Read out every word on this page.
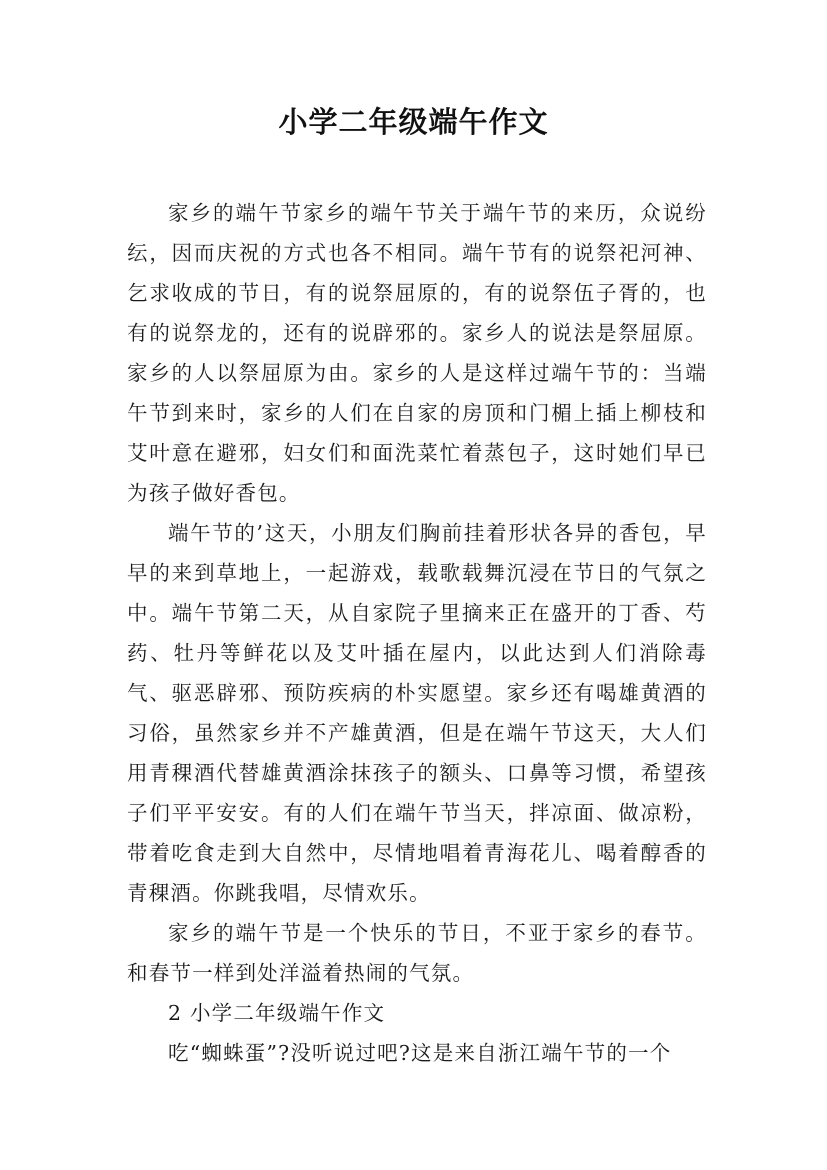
小学二年级端午作文

家乡的端午节家乡的端午节关于端午节的来历，众说纷纭，因而庆祝的方式也各不相同。端午节有的说祭祀河神、乞求收成的节日，有的说祭屈原的，有的说祭伍子胥的，也有的说祭龙的，还有的说辟邪的。家乡人的说法是祭屈原。家乡的人以祭屈原为由。家乡的人是这样过端午节的：当端午节到来时，家乡的人们在自家的房顶和门楣上插上柳枝和艾叶意在避邪，妇女们和面洗菜忙着蒸包子，这时她们早已为孩子做好香包。

端午节的’这天，小朋友们胸前挂着形状各异的香包，早早的来到草地上，一起游戏，载歌载舞沉浸在节日的气氛之中。端午节第二天，从自家院子里摘来正在盛开的丁香、芍药、牡丹等鲜花以及艾叶插在屋内，以此达到人们消除毒气、驱恶辟邪、预防疾病的朴实愿望。家乡还有喝雄黄酒的习俗，虽然家乡并不产雄黄酒，但是在端午节这天，大人们用青稞酒代替雄黄酒涂抹孩子的额头、口鼻等习惯，希望孩子们平平安安。有的人们在端午节当天，拌凉面、做凉粉，带着吃食走到大自然中，尽情地唱着青海花儿、喝着醇香的青稞酒。你跳我唱，尽情欢乐。

家乡的端午节是一个快乐的节日，不亚于家乡的春节。和春节一样到处洋溢着热闹的气氛。

2 小学二年级端午作文

吃“蜘蛛蛋”?没听说过吧?这是来自浙江端午节的一个
